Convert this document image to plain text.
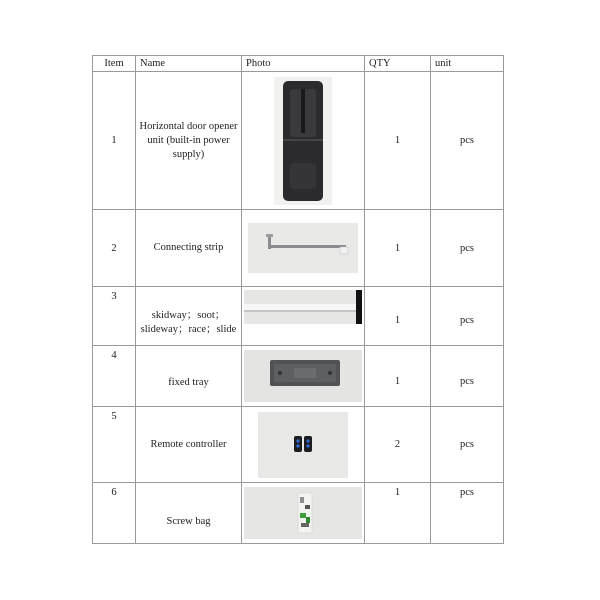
Item	Name	Photo	QTY	unit
1	Horizontal door opener unit (built-in power supply)		1	pcs
2	Connecting strip		1	pcs
3	skidway；soot；slideway；race；slide		1	pcs
4	fixed tray		1	pcs
5	Remote controller		2	pcs
6	Screw bag		1	pcs
